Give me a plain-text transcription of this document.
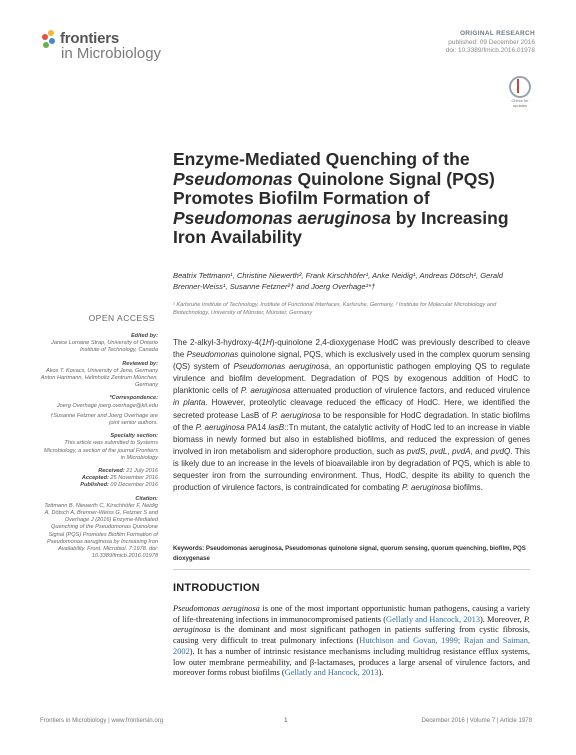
frontiers
in Microbiology
ORIGINAL RESEARCH
published: 09 December 2016
doi: 10.3389/fmicb.2016.01978
Check for updates
Enzyme-Mediated Quenching of the Pseudomonas Quinolone Signal (PQS) Promotes Biofilm Formation of Pseudomonas aeruginosa by Increasing Iron Availability
Beatrix Tettmann¹, Christine Niewerth², Frank Kirschhöfer¹, Anke Neidig¹, Andreas Dötsch¹, Gerald Brenner-Weiss¹, Susanne Fetzner²† and Joerg Overhage¹*†
¹ Karlsruhe Institute of Technology, Institute of Functional Interfaces, Karlsruhe, Germany, ² Institute for Molecular Microbiology and Biotechnology, University of Münster, Münster, Germany
OPEN ACCESS
Edited by:
Janice Lorraine Strap, University of Ontario Institute of Technology, Canada
Reviewed by:
Akos T. Kovacs, University of Jena, Germany
Anton Hartmann, Helmholtz Zentrum München, Germany
*Correspondence:
Joerg Overhage joerg.overhage@kit.edu
†Susanne Fetzner and Joerg Overhage are joint senior authors.
Specialty section:
This article was submitted to Systems Microbiology, a section of the journal Frontiers in Microbiology
Received: 21 July 2016
Accepted: 25 November 2016
Published: 09 December 2016
Citation:
Tettmann B, Niewerth C, Kirschhöfer F, Neidig A, Dötsch A, Brenner-Weiss G, Fetzner S and Overhage J (2016) Enzyme-Mediated Quenching of the Pseudomonas Quinolone Signal (PQS) Promotes Biofilm Formation of Pseudomonas aeruginosa by Increasing Iron Availability. Front. Microbiol. 7:1978. doi: 10.3389/fmicb.2016.01978
The 2-alkyl-3-hydroxy-4(1H)-quinolone 2,4-dioxygenase HodC was previously described to cleave the Pseudomonas quinolone signal, PQS, which is exclusively used in the complex quorum sensing (QS) system of Pseudomonas aeruginosa, an opportunistic pathogen employing QS to regulate virulence and biofilm development. Degradation of PQS by exogenous addition of HodC to planktonic cells of P. aeruginosa attenuated production of virulence factors, and reduced virulence in planta. However, proteolytic cleavage reduced the efficacy of HodC. Here, we identified the secreted protease LasB of P. aeruginosa to be responsible for HodC degradation. In static biofilms of the P. aeruginosa PA14 lasB::Tn mutant, the catalytic activity of HodC led to an increase in viable biomass in newly formed but also in established biofilms, and reduced the expression of genes involved in iron metabolism and siderophore production, such as pvdS, pvdL, pvdA, and pvdQ. This is likely due to an increase in the levels of bioavailable iron by degradation of PQS, which is able to sequester iron from the surrounding environment. Thus, HodC, despite its ability to quench the production of virulence factors, is contraindicated for combating P. aeruginosa biofilms.
Keywords: Pseudomonas aeruginosa, Pseudomonas quinolone signal, quorum sensing, quorum quenching, biofilm, PQS dioxygenase
INTRODUCTION
Pseudomonas aeruginosa is one of the most important opportunistic human pathogens, causing a variety of life-threatening infections in immunocompromised patients (Gellatly and Hancock, 2013). Moreover, P. aeruginosa is the dominant and most significant pathogen in patients suffering from cystic fibrosis, causing very difficult to treat pulmonary infections (Hutchison and Govan, 1999; Rajan and Saiman, 2002). It has a number of intrinsic resistance mechanisms including multidrug resistance efflux systems, low outer membrane permeability, and β-lactamases, produces a large arsenal of virulence factors, and moreover forms robust biofilms (Gellatly and Hancock, 2013).
Frontiers in Microbiology | www.frontiersin.org	1	December 2016 | Volume 7 | Article 1978
